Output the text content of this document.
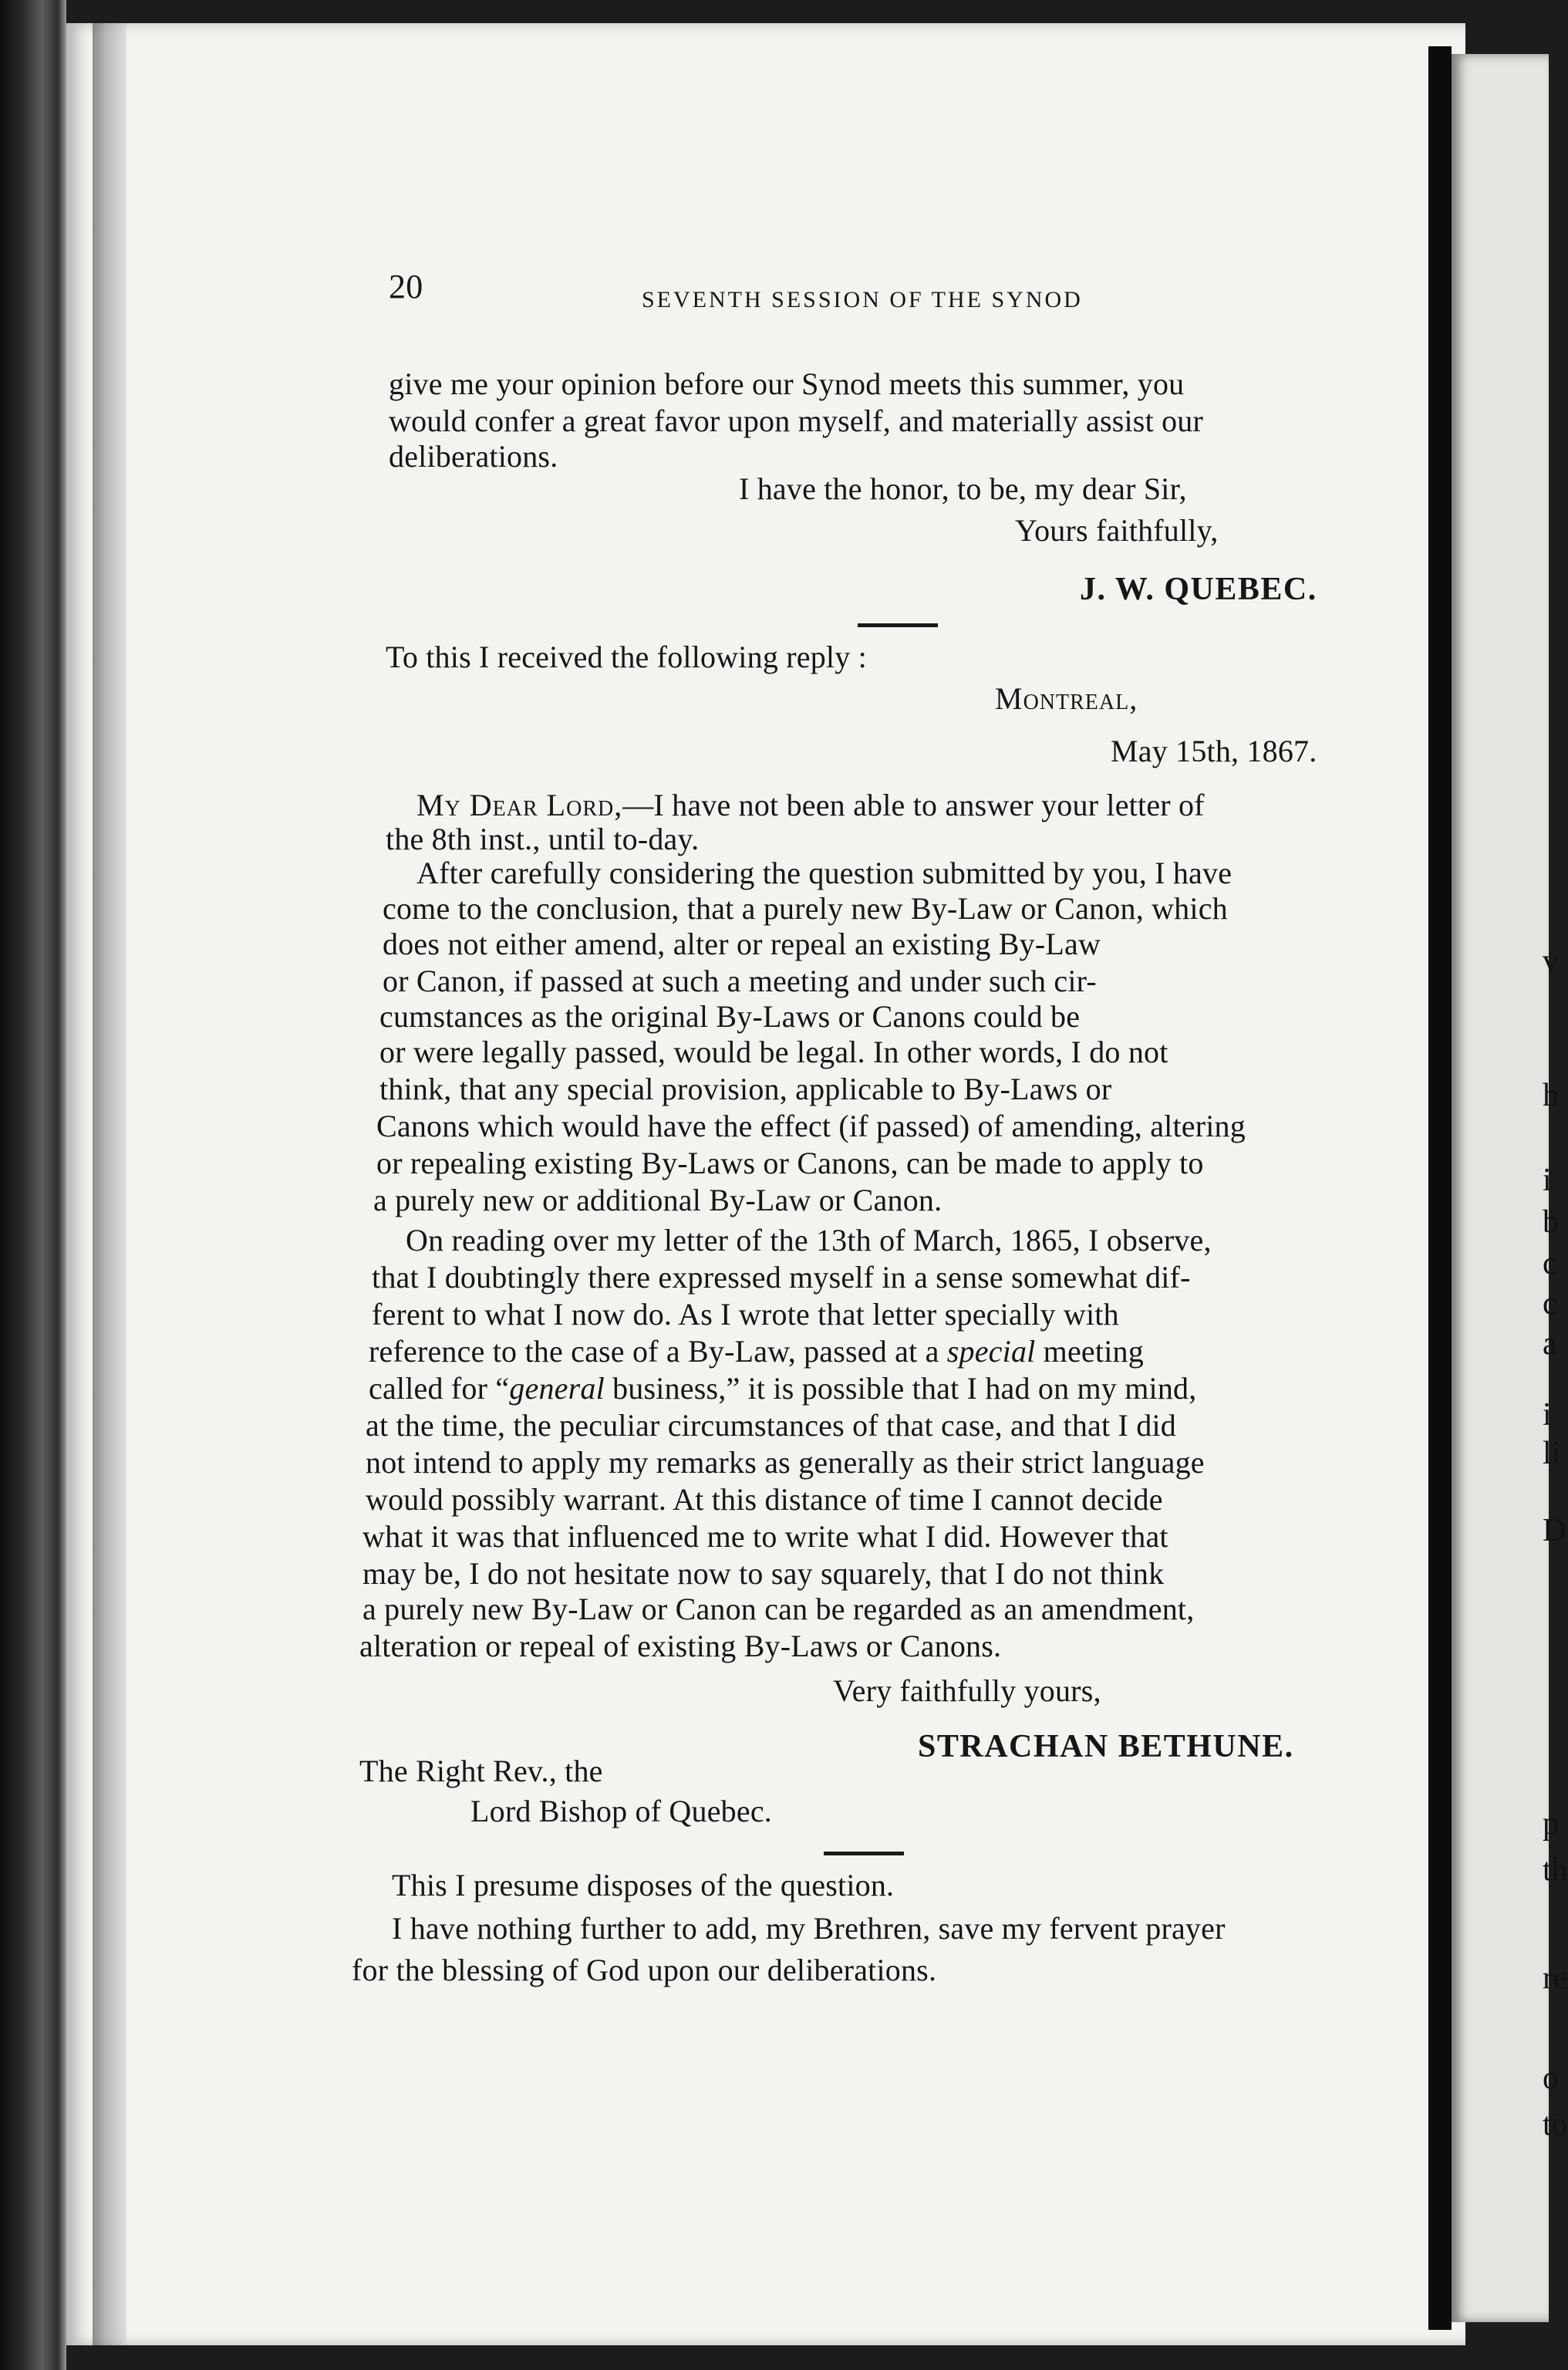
v
h
i
b
c
c
a
i
li
D
p
th
re
o
to
20	SEVENTH SESSION OF THE SYNOD
give me your opinion before our Synod meets this summer, you
would confer a great favor upon myself, and materially assist our
deliberations.
I have the honor, to be, my dear Sir,
Yours faithfully,
J. W. QUEBEC.
To this I received the following reply :
Montreal,
May 15th, 1867.
My Dear Lord,—I have not been able to answer your letter of
the 8th inst., until to-day.
After carefully considering the question submitted by you, I have
come to the conclusion, that a purely new By-Law or Canon, which
does not either amend, alter or repeal an existing By-Law
or Canon, if passed at such a meeting and under such cir-
cumstances as the original By-Laws or Canons could be
or were legally passed, would be legal. In other words, I do not
think, that any special provision, applicable to By-Laws or
Canons which would have the effect (if passed) of amending, altering
or repealing existing By-Laws or Canons, can be made to apply to
a purely new or additional By-Law or Canon.
On reading over my letter of the 13th of March, 1865, I observe,
that I doubtingly there expressed myself in a sense somewhat dif-
ferent to what I now do. As I wrote that letter specially with
reference to the case of a By-Law, passed at a special meeting
called for “general business,” it is possible that I had on my mind,
at the time, the peculiar circumstances of that case, and that I did
not intend to apply my remarks as generally as their strict language
would possibly warrant. At this distance of time I cannot decide
what it was that influenced me to write what I did. However that
may be, I do not hesitate now to say squarely, that I do not think
a purely new By-Law or Canon can be regarded as an amendment,
alteration or repeal of existing By-Laws or Canons.
Very faithfully yours,
STRACHAN BETHUNE.
The Right Rev., the
Lord Bishop of Quebec.
This I presume disposes of the question.
I have nothing further to add, my Brethren, save my fervent prayer
for the blessing of God upon our deliberations.
